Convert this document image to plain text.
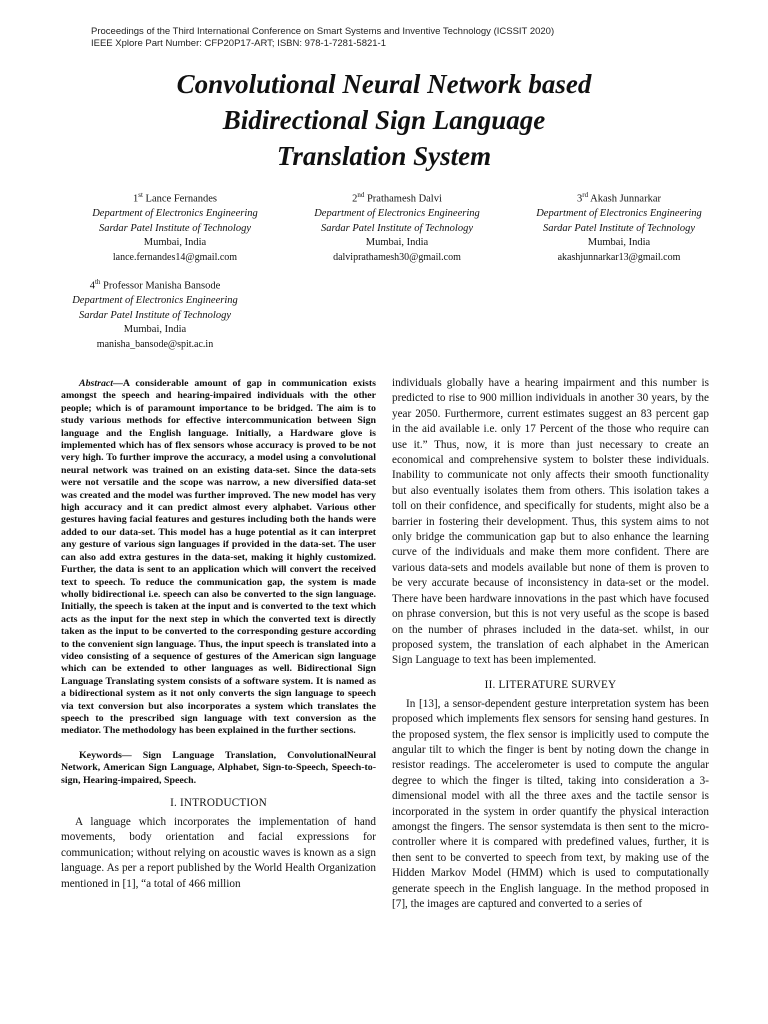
Proceedings of the Third International Conference on Smart Systems and Inventive Technology (ICSSIT 2020)
IEEE Xplore Part Number: CFP20P17-ART; ISBN: 978-1-7281-5821-1
Convolutional Neural Network based
Bidirectional Sign Language
Translation System
1st Lance Fernandes
Department of Electronics Engineering
Sardar Patel Institute of Technology
Mumbai, India
lance.fernandes14@gmail.com
2nd Prathamesh Dalvi
Department of Electronics Engineering
Sardar Patel Institute of Technology
Mumbai, India
dalviprathamesh30@gmail.com
3rd Akash Junnarkar
Department of Electronics Engineering
Sardar Patel Institute of Technology
Mumbai, India
akashjunnarkar13@gmail.com
4th Professor Manisha Bansode
Department of Electronics Engineering
Sardar Patel Institute of Technology
Mumbai, India
manisha_bansode@spit.ac.in

Abstract—A considerable amount of gap in communication exists amongst the speech and hearing-impaired individuals with the other people; which is of paramount importance to be bridged. The aim is to study various methods for effective intercommunication between Sign language and the English language. Initially, a Hardware glove is implemented which has of flex sensors whose accuracy is proved to be not very high. To further improve the accuracy, a model using a convolutional neural network was trained on an existing data-set. Since the data-sets were not versatile and the scope was narrow, a new diversified data-set was created and the model was further improved. The new model has very high accuracy and it can predict almost every alphabet. Various other gestures having facial features and gestures including both the hands were added to our data-set. This model has a huge potential as it can interpret any gesture of various sign languages if provided in the data-set. The user can also add extra gestures in the data-set, making it highly customized. Further, the data is sent to an application which will convert the received text to speech. To reduce the communication gap, the system is made wholly bidirectional i.e. speech can also be converted to the sign language. Initially, the speech is taken at the input and is converted to the text which acts as the input for the next step in which the converted text is directly taken as the input to be converted to the corresponding gesture according to the convenient sign language. Thus, the input speech is translated into a video consisting of a sequence of gestures of the American sign language which can be extended to other languages as well. Bidirectional Sign Language Translating system consists of a software system. It is named as a bidirectional system as it not only converts the sign language to speech via text conversion but also incorporates a system which translates the speech to the prescribed sign language with text conversion as the mediator. The methodology has been explained in the further sections.

Keywords— Sign Language Translation, ConvolutionalNeural Network, American Sign Language, Alphabet, Sign-to-Speech, Speech-to-sign, Hearing-impaired, Speech.

I. INTRODUCTION

A language which incorporates the implementation of hand movements, body orientation and facial expressions for communication; without relying on acoustic waves is known as a sign language. As per a report published by the World Health Organization mentioned in [1], “a total of 466 million

individuals globally have a hearing impairment and this number is predicted to rise to 900 million individuals in another 30 years, by the year 2050. Furthermore, current estimates suggest an 83 percent gap in the aid available i.e. only 17 Percent of the those who require can use it.” Thus, now, it is more than just necessary to create an economical and comprehensive system to bolster these individuals. Inability to communicate not only affects their smooth functionality but also eventually isolates them from others. This isolation takes a toll on their confidence, and specifically for students, might also be a barrier in fostering their development. Thus, this system aims to not only bridge the communication gap but to also enhance the learning curve of the individuals and make them more confident. There are various data-sets and models available but none of them is proven to be very accurate because of inconsistency in data-set or the model. There have been hardware innovations in the past which have focused on phrase conversion, but this is not very useful as the scope is based on the number of phrases included in the data-set. whilst, in our proposed system, the translation of each alphabet in the American Sign Language to text has been implemented.

II. LITERATURE SURVEY

In [13], a sensor-dependent gesture interpretation system has been proposed which implements flex sensors for sensing hand gestures. In the proposed system, the flex sensor is implicitly used to compute the angular tilt to which the finger is bent by noting down the change in resistor readings. The accelerometer is used to compute the angular degree to which the finger is tilted, taking into consideration a 3-dimensional model with all the three axes and the tactile sensor is incorporated in the system in order quantify the physical interaction amongst the fingers. The sensor systemdata is then sent to the micro-controller where it is compared with predefined values, further, it is then sent to be converted to speech from text, by making use of the Hidden Markov Model (HMM) which is used to computationally generate speech in the English language. In the method proposed in [7], the images are captured and converted to a series of
